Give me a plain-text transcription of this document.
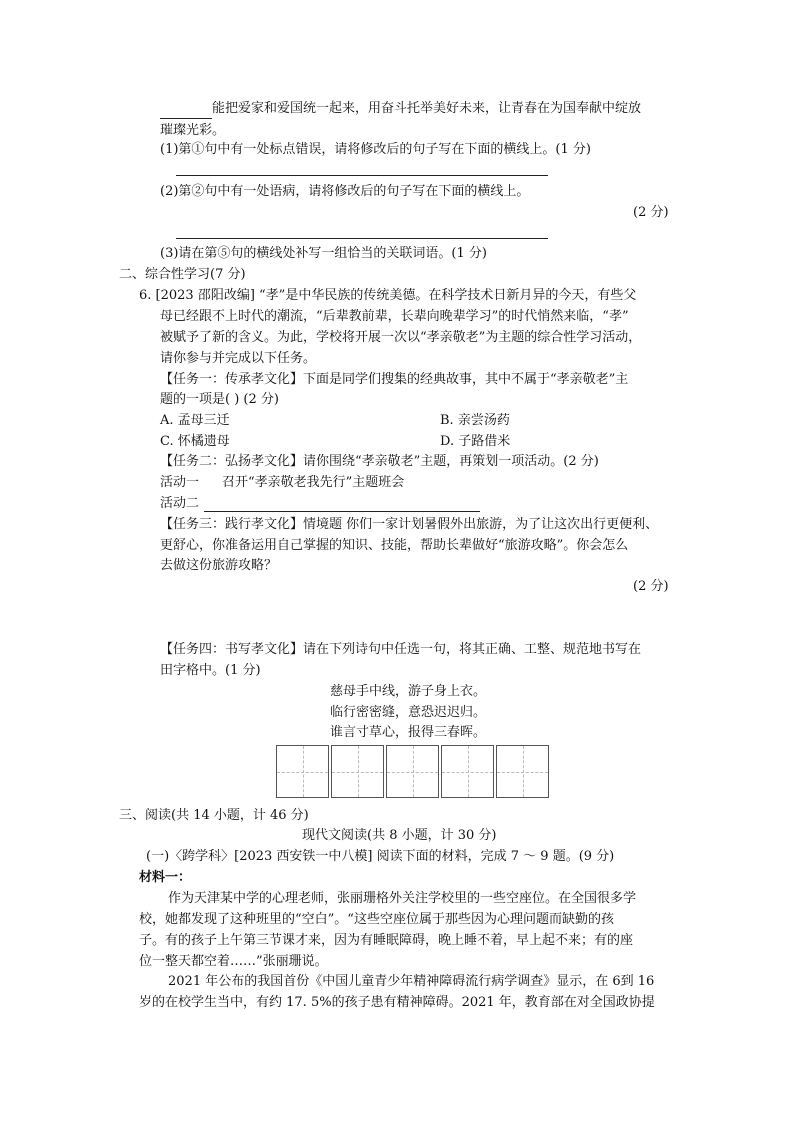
能把爱家和爱国统一起来，用奋斗托举美好未来，让青春在为国奉献中绽放
璀璨光彩。
(1)第①句中有一处标点错误，请将修改后的句子写在下面的横线上。(1 分)
(2)第②句中有一处语病，请将修改后的句子写在下面的横线上。
(2 分)
(3)请在第⑤句的横线处补写一组恰当的关联词语。(1 分)
二、综合性学习(7 分)
6. [2023 邵阳改编] “孝”是中华民族的传统美德。在科学技术日新月异的今天，有些父
母已经跟不上时代的潮流，“后辈教前辈，长辈向晚辈学习”的时代悄然来临，“孝”
被赋予了新的含义。为此，学校将开展一次以“孝亲敬老”为主题的综合性学习活动，
请你参与并完成以下任务。
【任务一：传承孝文化】下面是同学们搜集的经典故事，其中不属于“孝亲敬老”主
题的一项是( ) (2 分)
A. 孟母三迁	B. 亲尝汤药
C. 怀橘遗母	D. 子路借米
【任务二：弘扬孝文化】请你围绕“孝亲敬老”主题，再策划一项活动。(2 分)
活动一 召开“孝亲敬老我先行”主题班会
活动二
【任务三：践行孝文化】情境题 你们一家计划暑假外出旅游，为了让这次出行更便利、
更舒心，你准备运用自己掌握的知识、技能，帮助长辈做好“旅游攻略”。你会怎么
去做这份旅游攻略？
(2 分)
【任务四：书写孝文化】请在下列诗句中任选一句，将其正确、工整、规范地书写在
田字格中。(1 分)
慈母手中线，游子身上衣。
临行密密缝，意恐迟迟归。
谁言寸草心，报得三春晖。
三、阅读(共 14 小题，计 46 分)
现代文阅读(共 8 小题，计 30 分)
(一)〈跨学科〉[2023 西安铁一中八模] 阅读下面的材料，完成 7 ～ 9 题。(9 分)
材料一：
作为天津某中学的心理老师，张丽珊格外关注学校里的一些空座位。在全国很多学
校，她都发现了这种班里的“空白”。“这些空座位属于那些因为心理问题而缺勤的孩
子。有的孩子上午第三节课才来，因为有睡眠障碍，晚上睡不着，早上起不来；有的座
位一整天都空着……”张丽珊说。
2021 年公布的我国首份《中国儿童青少年精神障碍流行病学调查》显示，在 6到 16
岁的在校学生当中，有约 17. 5%的孩子患有精神障碍。2021 年，教育部在对全国政协提
